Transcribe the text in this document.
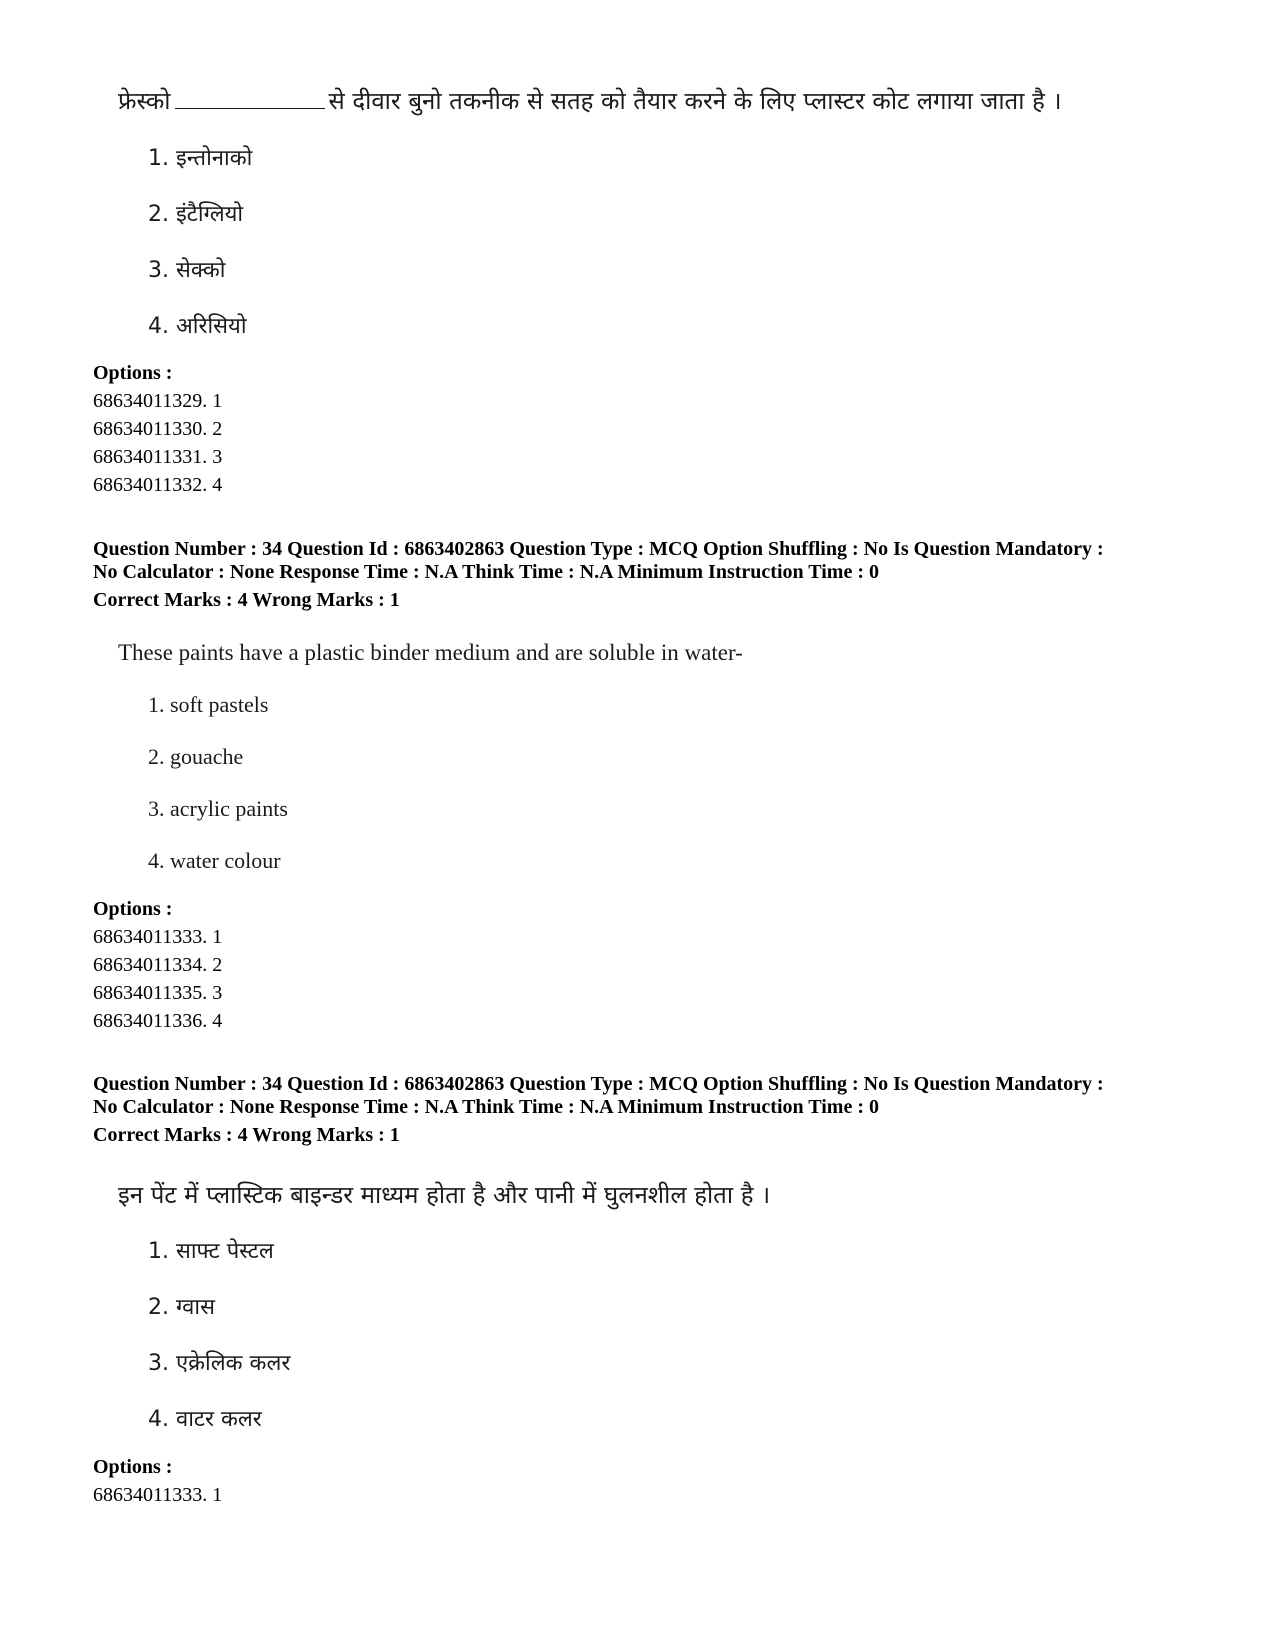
फ्रेस्को	से दीवार बुनो तकनीक से सतह को तैयार करने के लिए प्लास्टर कोट लगाया जाता है ।
1. इन्तोनाको
2. इंटैग्लियो
3. सेक्को
4. अरिसियो
Options :
68634011329. 1
68634011330. 2
68634011331. 3
68634011332. 4
Question Number : 34 Question Id : 6863402863 Question Type : MCQ Option Shuffling : No Is Question Mandatory :
No Calculator : None Response Time : N.A Think Time : N.A Minimum Instruction Time : 0
Correct Marks : 4 Wrong Marks : 1
These paints have a plastic binder medium and are soluble in water-
1. soft pastels
2. gouache
3. acrylic paints
4. water colour
Options :
68634011333. 1
68634011334. 2
68634011335. 3
68634011336. 4
Question Number : 34 Question Id : 6863402863 Question Type : MCQ Option Shuffling : No Is Question Mandatory :
No Calculator : None Response Time : N.A Think Time : N.A Minimum Instruction Time : 0
Correct Marks : 4 Wrong Marks : 1
इन पेंट में प्लास्टिक बाइन्डर माध्यम होता है और पानी में घुलनशील होता है ।
1. साफ्ट पेस्टल
2. ग्वास
3. एक्रेलिक कलर
4. वाटर कलर
Options :
68634011333. 1
